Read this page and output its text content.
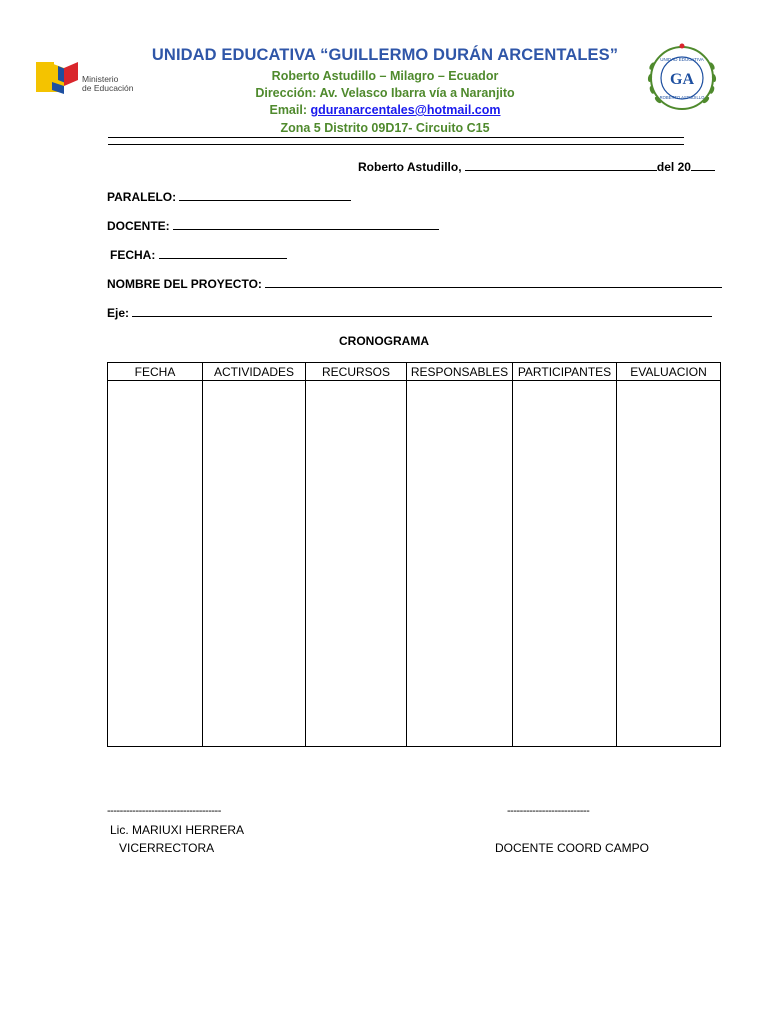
Ministerio
de Educación
UNIDAD EDUCATIVA “GUILLERMO DURÁN ARCENTALES”
Roberto Astudillo – Milagro – Ecuador
Dirección: Av. Velasco Ibarra vía a Naranjito
Email: gduranarcentales@hotmail.com
Zona 5 Distrito 09D17- Circuito C15
GA
UNIDAD EDUCATIVA
ROBERTO ASTUDILLO
Roberto Astudillo,	del 20
PARALELO:
DOCENTE:
FECHA:
NOMBRE DEL PROYECTO:
Eje:
CRONOGRAMA
FECHA	ACTIVIDADES	RECURSOS	RESPONSABLES	PARTICIPANTES	EVALUACION

------------------------------------
Lic. MARIUXI HERRERA
VICERRECTORA
--------------------------
DOCENTE COORD CAMPO
